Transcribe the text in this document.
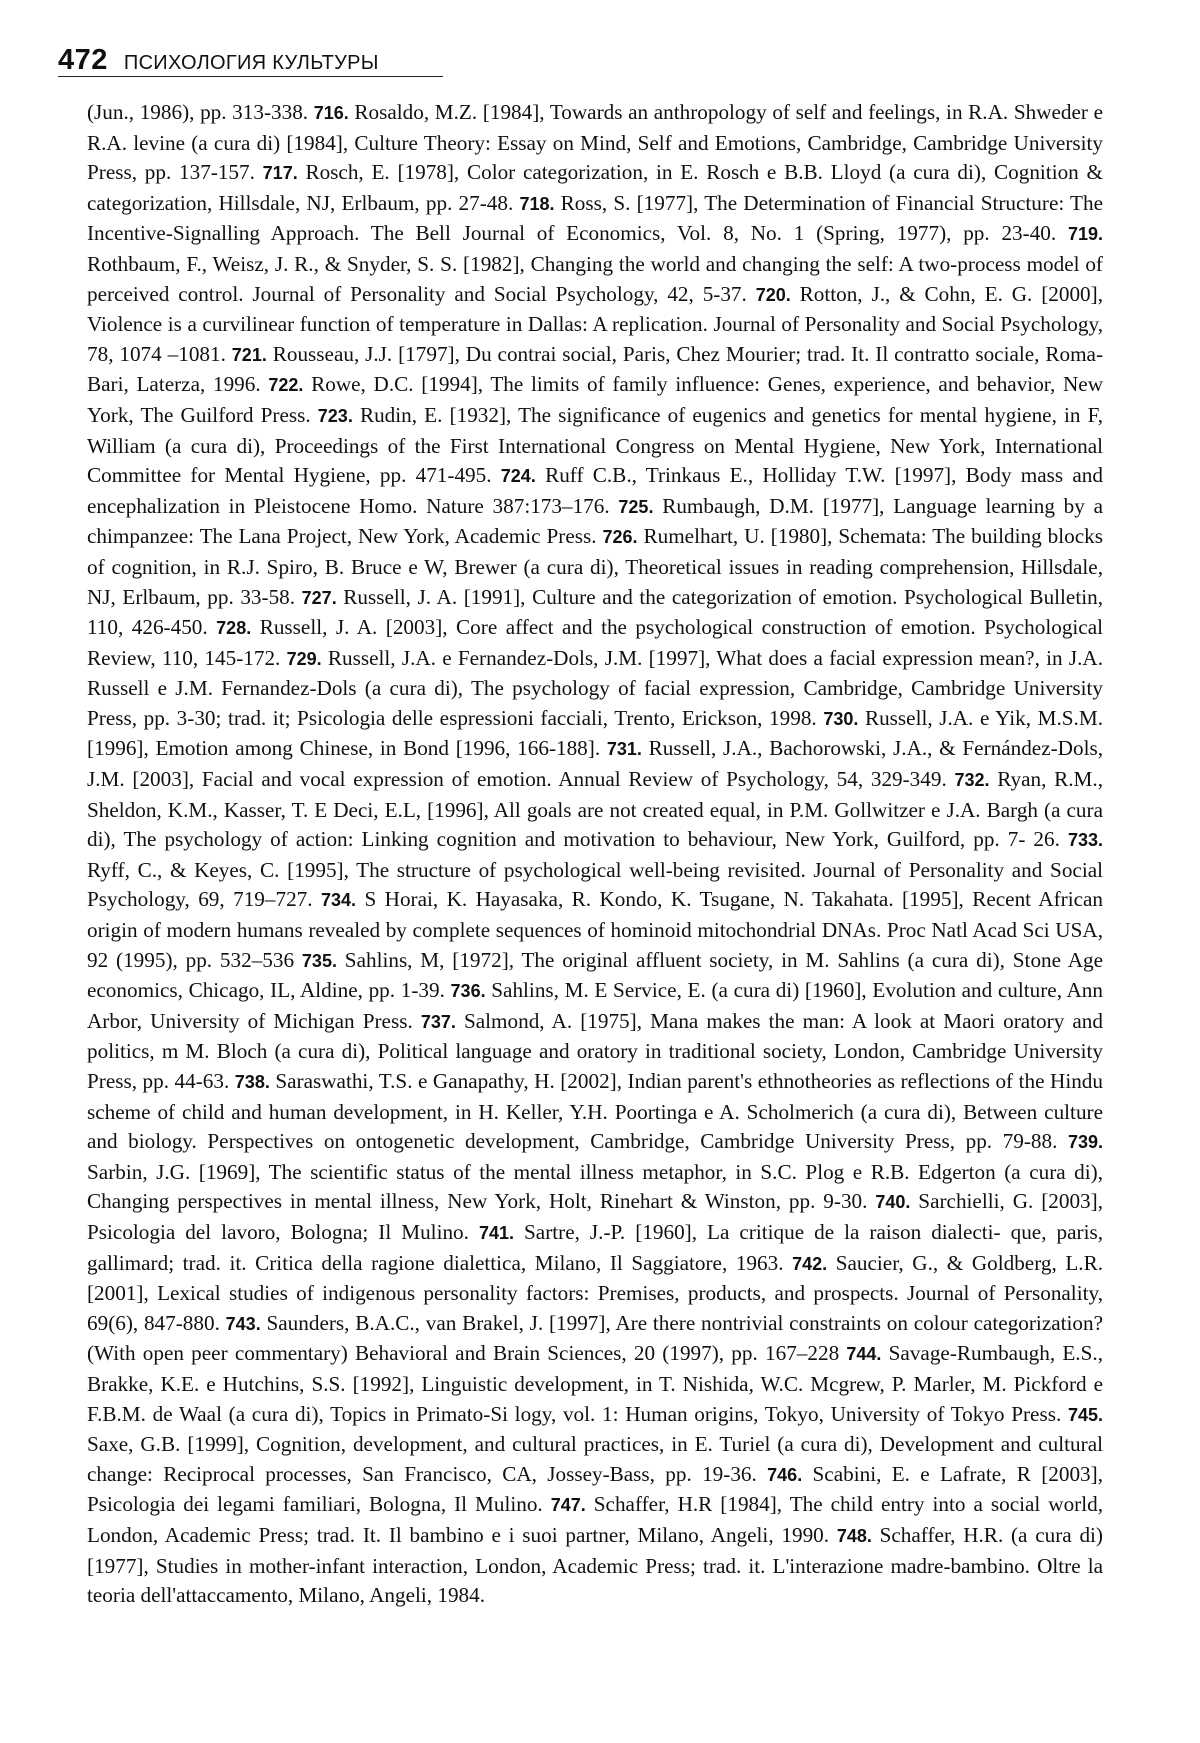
472 ПСИХОЛОГИЯ КУЛЬТУРЫ

(Jun., 1986), pp. 313-338. 716. Rosaldo, M.Z. [1984], Towards an anthropology of self and feelings, in R.A. Shweder e R.A. levine (a cura di) [1984], Culture Theory: Essay on Mind, Self and Emotions, Cambridge, Cambridge University Press, pp. 137-157. 717. Rosch, E. [1978], Color categorization, in E. Rosch e B.B. Lloyd (a cura di), Cognition & categorization, Hillsdale, NJ, Erlbaum, pp. 27-48. 718. Ross, S. [1977], The Determination of Financial Structure: The Incentive-Signalling Approach. The Bell Journal of Economics, Vol. 8, No. 1 (Spring, 1977), pp. 23-40. 719. Rothbaum, F., Weisz, J. R., & Snyder, S. S. [1982], Changing the world and changing the self: A two-process model of perceived control. Journal of Personality and Social Psychology, 42, 5-37. 720. Rotton, J., & Cohn, E. G. [2000], Violence is a curvilinear function of temperature in Dallas: A replication. Journal of Personality and Social Psychology, 78, 1074 –1081. 721. Rousseau, J.J. [1797], Du contrai social, Paris, Chez Mourier; trad. It. Il contratto sociale, Roma-Bari, Laterza, 1996. 722. Rowe, D.C. [1994], The limits of family influence: Genes, experience, and behavior, New York, The Guilford Press. 723. Rudin, E. [1932], The significance of eugenics and genetics for mental hygiene, in F, William (a cura di), Proceedings of the First International Congress on Mental Hygiene, New York, International Committee for Mental Hygiene, pp. 471-495. 724. Ruff C.B., Trinkaus E., Holliday T.W. [1997], Body mass and encephalization in Pleistocene Homo. Nature 387:173–176. 725. Rumbaugh, D.M. [1977], Language learning by a chimpanzee: The Lana Project, New York, Academic Press. 726. Rumelhart, U. [1980], Schemata: The building blocks of cognition, in R.J. Spiro, B. Bruce e W, Brewer (a cura di), Theoretical issues in reading comprehension, Hillsdale, NJ, Erlbaum, pp. 33-58. 727. Russell, J. A. [1991], Culture and the categorization of emotion. Psychological Bulletin, 110, 426-450. 728. Russell, J. A. [2003], Core affect and the psychological construction of emotion. Psychological Review, 110, 145-172. 729. Russell, J.A. e Fernandez-Dols, J.M. [1997], What does a facial expression mean?, in J.A. Russell e J.M. Fernandez-Dols (a cura di), The psychology of facial expression, Cambridge, Cambridge University Press, pp. 3-30; trad. it; Psicologia delle espressioni facciali, Trento, Erickson, 1998. 730. Russell, J.A. e Yik, M.S.M. [1996], Emotion among Chinese, in Bond [1996, 166-188]. 731. Russell, J.A., Bachorowski, J.A., & Fernández-Dols, J.M. [2003], Facial and vocal expression of emotion. Annual Review of Psychology, 54, 329-349. 732. Ryan, R.M., Sheldon, K.M., Kasser, T. E Deci, E.L, [1996], All goals are not created equal, in P.M. Gollwitzer e J.A. Bargh (a cura di), The psychology of action: Linking cognition and motivation to behaviour, New York, Guilford, pp. 7- 26. 733. Ryff, C., & Keyes, C. [1995], The structure of psychological well-being revisited. Journal of Personality and Social Psychology, 69, 719–727. 734. S Horai, K. Hayasaka, R. Kondo, K. Tsugane, N. Takahata. [1995], Recent African origin of modern humans revealed by complete sequences of hominoid mitochondrial DNAs. Proc Natl Acad Sci USA, 92 (1995), pp. 532–536 735. Sahlins, M, [1972], The original affluent society, in M. Sahlins (a cura di), Stone Age economics, Chicago, IL, Aldine, pp. 1-39. 736. Sahlins, M. E Service, E. (a cura di) [1960], Evolution and culture, Ann Arbor, University of Michigan Press. 737. Salmond, A. [1975], Mana makes the man: A look at Maori oratory and politics, m M. Bloch (a cura di), Political language and oratory in traditional society, London, Cambridge University Press, pp. 44-63. 738. Saraswathi, T.S. e Ganapathy, H. [2002], Indian parent's ethnotheories as reflections of the Hindu scheme of child and human development, in H. Keller, Y.H. Poortinga e A. Scholmerich (a cura di), Between culture and biology. Perspectives on ontogenetic development, Cambridge, Cambridge University Press, pp. 79-88. 739. Sarbin, J.G. [1969], The scientific status of the mental illness metaphor, in S.C. Plog e R.B. Edgerton (a cura di), Changing perspectives in mental illness, New York, Holt, Rinehart & Winston, pp. 9-30. 740. Sarchielli, G. [2003], Psicologia del lavoro, Bologna; Il Mulino. 741. Sartre, J.-P. [1960], La critique de la raison dialecti- que, paris, gallimard; trad. it. Critica della ragione dialettica, Milano, Il Saggiatore, 1963. 742. Saucier, G., & Goldberg, L.R. [2001], Lexical studies of indigenous personality factors: Premises, products, and prospects. Journal of Personality, 69(6), 847-880. 743. Saunders, B.A.C., van Brakel, J. [1997], Are there nontrivial constraints on colour categorization? (With open peer commentary) Behavioral and Brain Sciences, 20 (1997), pp. 167–228 744. Savage-Rumbaugh, E.S., Brakke, K.E. e Hutchins, S.S. [1992], Linguistic development, in T. Nishida, W.C. Mcgrew, P. Marler, M. Pickford e F.B.M. de Waal (a cura di), Topics in Primato-Si logy, vol. 1: Human origins, Tokyo, University of Tokyo Press. 745. Saxe, G.B. [1999], Cognition, development, and cultural practices, in E. Turiel (a cura di), Development and cultural change: Reciprocal processes, San Francisco, CA, Jossey-Bass, pp. 19-36. 746. Scabini, E. e Lafrate, R [2003], Psicologia dei legami familiari, Bologna, Il Mulino. 747. Schaffer, H.R [1984], The child entry into a social world, London, Academic Press; trad. It. Il bambino e i suoi partner, Milano, Angeli, 1990. 748. Schaffer, H.R. (a cura di) [1977], Studies in mother-infant interaction, London, Academic Press; trad. it. L'interazione madre-bambino. Oltre la teoria dell'attaccamento, Milano, Angeli, 1984.
